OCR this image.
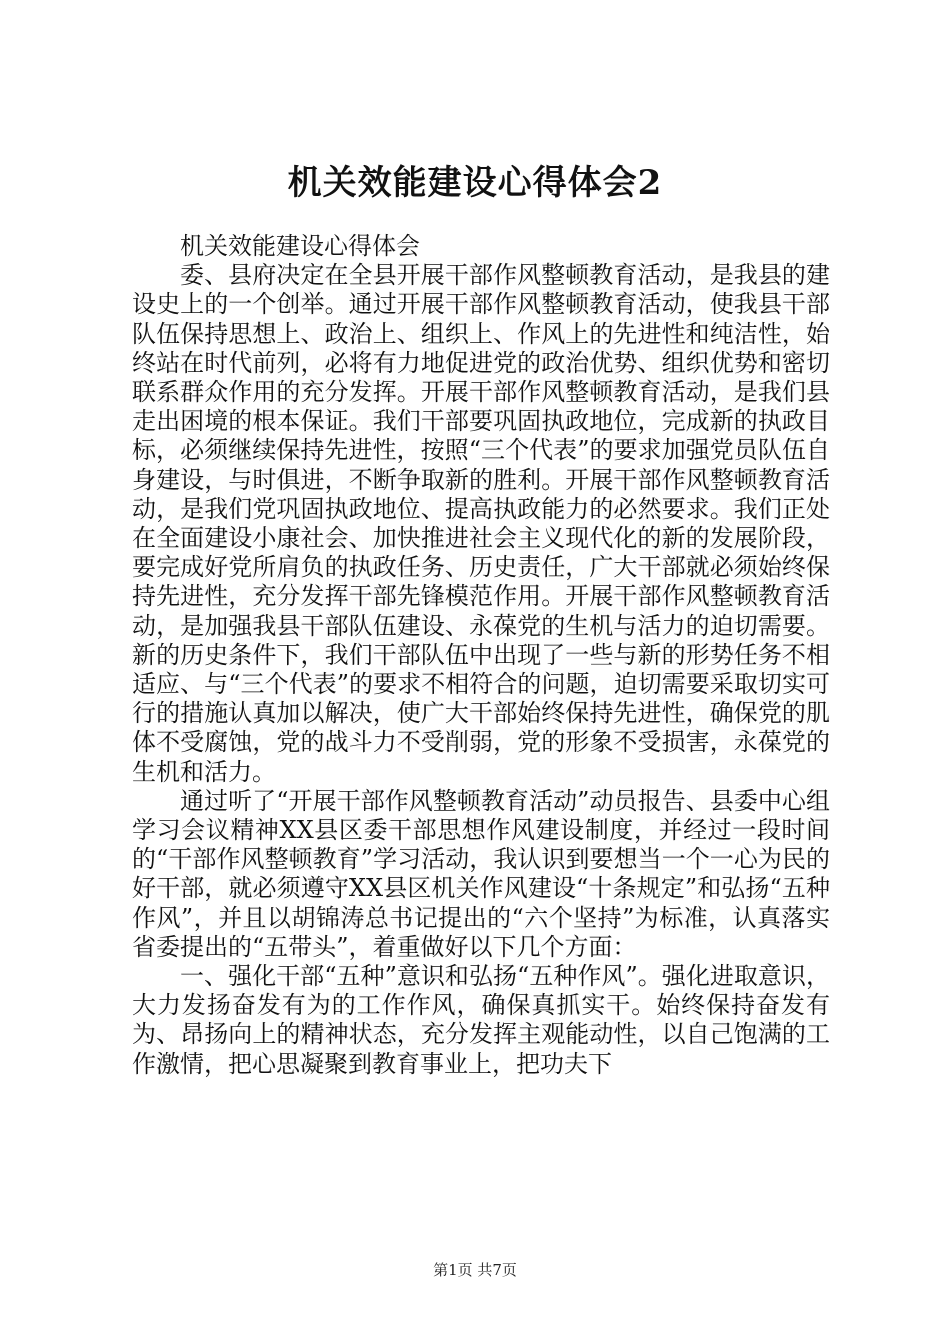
机关效能建设心得体会2

机关效能建设心得体会

委、县府决定在全县开展干部作风整顿教育活动，是我县的建设史上的一个创举。通过开展干部作风整顿教育活动，使我县干部队伍保持思想上、政治上、组织上、作风上的先进性和纯洁性，始终站在时代前列，必将有力地促进党的政治优势、组织优势和密切联系群众作用的充分发挥。开展干部作风整顿教育活动，是我们县走出困境的根本保证。我们干部要巩固执政地位，完成新的执政目标，必须继续保持先进性，按照“三个代表”的要求加强党员队伍自身建设，与时俱进，不断争取新的胜利。开展干部作风整顿教育活动，是我们党巩固执政地位、提高执政能力的必然要求。我们正处在全面建设小康社会、加快推进社会主义现代化的新的发展阶段，要完成好党所肩负的执政任务、历史责任，广大干部就必须始终保持先进性，充分发挥干部先锋模范作用。开展干部作风整顿教育活动，是加强我县干部队伍建设、永葆党的生机与活力的迫切需要。新的历史条件下，我们干部队伍中出现了一些与新的形势任务不相适应、与“三个代表”的要求不相符合的问题，迫切需要采取切实可行的措施认真加以解决，使广大干部始终保持先进性，确保党的肌体不受腐蚀，党的战斗力不受削弱，党的形象不受损害，永葆党的生机和活力。

通过听了“开展干部作风整顿教育活动”动员报告、县委中心组学习会议精神XX县区委干部思想作风建设制度，并经过一段时间的“干部作风整顿教育”学习活动，我认识到要想当一个一心为民的好干部，就必须遵守XX县区机关作风建设“十条规定”和弘扬“五种作风”，并且以胡锦涛总书记提出的“六个坚持”为标准，认真落实省委提出的“五带头”，着重做好以下几个方面：

一、强化干部“五种”意识和弘扬“五种作风”。强化进取意识，大力发扬奋发有为的工作作风，确保真抓实干。始终保持奋发有为、昂扬向上的精神状态，充分发挥主观能动性，以自己饱满的工作激情，把心思凝聚到教育事业上，把功夫下

第1页 共7页
